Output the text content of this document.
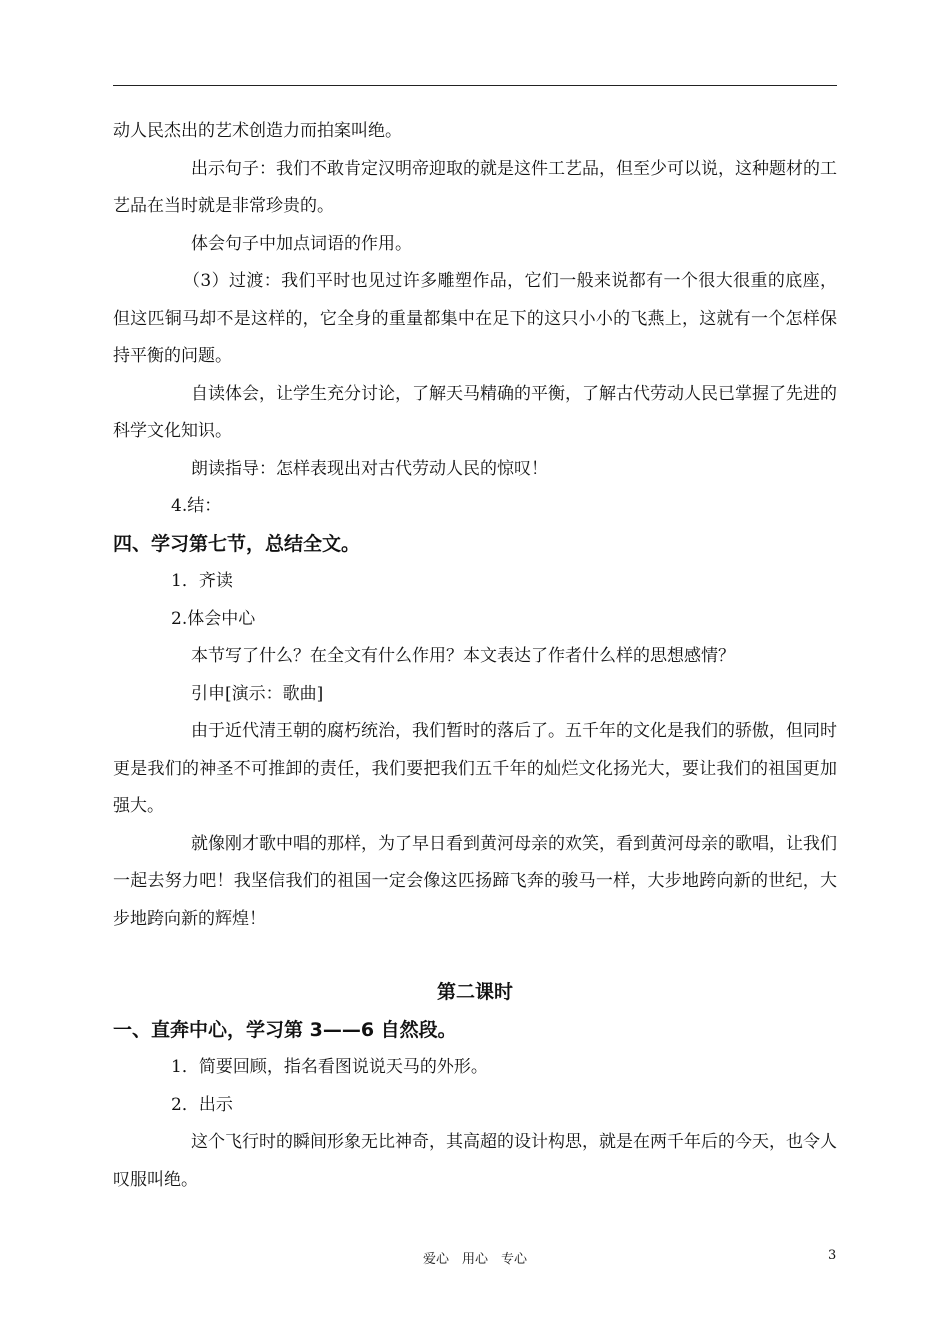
动人民杰出的艺术创造力而拍案叫绝。

出示句子：我们不敢肯定汉明帝迎取的就是这件工艺品，但至少可以说，这种题材的工艺品在当时就是非常珍贵的。

体会句子中加点词语的作用。

（3）过渡：我们平时也见过许多雕塑作品，它们一般来说都有一个很大很重的底座，但这匹铜马却不是这样的，它全身的重量都集中在足下的这只小小的飞燕上，这就有一个怎样保持平衡的问题。

自读体会，让学生充分讨论，了解天马精确的平衡，了解古代劳动人民已掌握了先进的科学文化知识。

朗读指导：怎样表现出对古代劳动人民的惊叹！

4.结：

四、学习第七节，总结全文。

1．齐读

2.体会中心

本节写了什么？在全文有什么作用？本文表达了作者什么样的思想感情？

引申[演示：歌曲]

由于近代清王朝的腐朽统治，我们暂时的落后了。五千年的文化是我们的骄傲，但同时更是我们的神圣不可推卸的责任，我们要把我们五千年的灿烂文化扬光大，要让我们的祖国更加强大。

就像刚才歌中唱的那样，为了早日看到黄河母亲的欢笑，看到黄河母亲的歌唱，让我们一起去努力吧！我坚信我们的祖国一定会像这匹扬蹄飞奔的骏马一样，大步地跨向新的世纪，大步地跨向新的辉煌！

第二课时

一、直奔中心，学习第 3——6 自然段。

1．简要回顾，指名看图说说天马的外形。

2．出示

这个飞行时的瞬间形象无比神奇，其高超的设计构思，就是在两千年后的今天，也令人叹服叫绝。

爱心　用心　专心	3
